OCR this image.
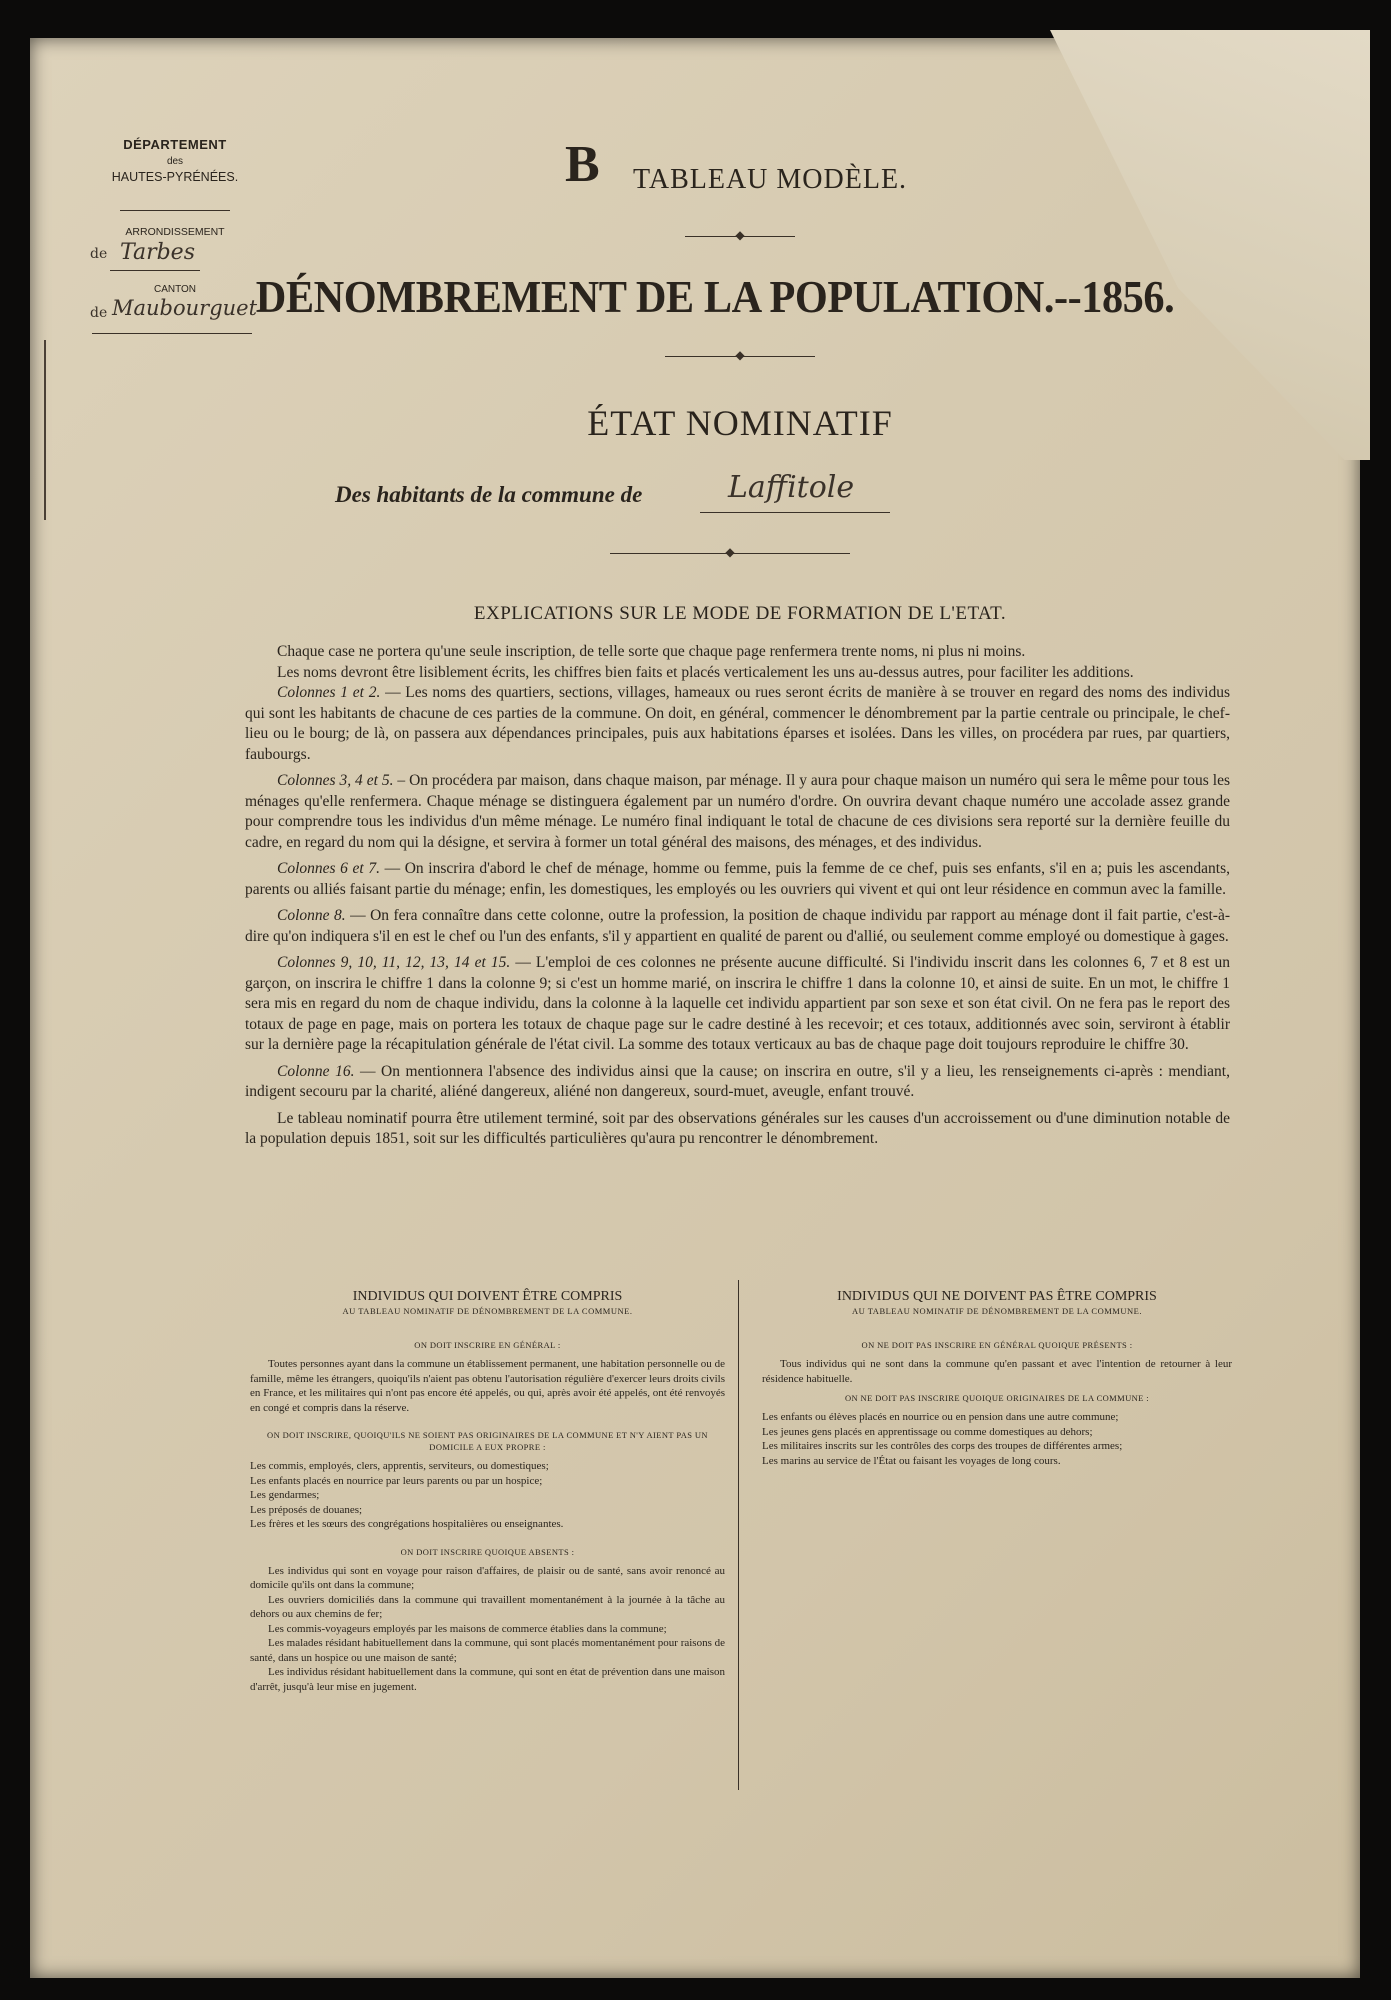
DÉPARTEMENT
des
HAUTES-PYRÉNÉES.
ARRONDISSEMENT
de Tarbes
CANTON
de Maubourguet
B TABLEAU MODÈLE.
◆
DÉNOMBREMENT DE LA POPULATION.--1856.
◆
ÉTAT NOMINATIF
Des habitants de la commune de	Laffitole
◆
EXPLICATIONS SUR LE MODE DE FORMATION DE L'ETAT.

Chaque case ne portera qu'une seule inscription, de telle sorte que chaque page renfermera trente noms, ni plus ni moins.

Les noms devront être lisiblement écrits, les chiffres bien faits et placés verticalement les uns au-dessus autres, pour faciliter les additions.

Colonnes 1 et 2. — Les noms des quartiers, sections, villages, hameaux ou rues seront écrits de manière à se trouver en regard des noms des individus qui sont les habitants de chacune de ces parties de la commune. On doit, en général, commencer le dénombrement par la partie centrale ou principale, le chef-lieu ou le bourg; de là, on passera aux dépendances principales, puis aux habitations éparses et isolées. Dans les villes, on procédera par rues, par quartiers, faubourgs.

Colonnes 3, 4 et 5. – On procédera par maison, dans chaque maison, par ménage. Il y aura pour chaque maison un numéro qui sera le même pour tous les ménages qu'elle renfermera. Chaque ménage se distinguera également par un numéro d'ordre. On ouvrira devant chaque numéro une accolade assez grande pour comprendre tous les individus d'un même ménage. Le numéro final indiquant le total de chacune de ces divisions sera reporté sur la dernière feuille du cadre, en regard du nom qui la désigne, et servira à former un total général des maisons, des ménages, et des individus.

Colonnes 6 et 7. — On inscrira d'abord le chef de ménage, homme ou femme, puis la femme de ce chef, puis ses enfants, s'il en a; puis les ascendants, parents ou alliés faisant partie du ménage; enfin, les domestiques, les employés ou les ouvriers qui vivent et qui ont leur résidence en commun avec la famille.

Colonne 8. — On fera connaître dans cette colonne, outre la profession, la position de chaque individu par rapport au ménage dont il fait partie, c'est-à-dire qu'on indiquera s'il en est le chef ou l'un des enfants, s'il y appartient en qualité de parent ou d'allié, ou seulement comme employé ou domestique à gages.

Colonnes 9, 10, 11, 12, 13, 14 et 15. — L'emploi de ces colonnes ne présente aucune difficulté. Si l'individu inscrit dans les colonnes 6, 7 et 8 est un garçon, on inscrira le chiffre 1 dans la colonne 9; si c'est un homme marié, on inscrira le chiffre 1 dans la colonne 10, et ainsi de suite. En un mot, le chiffre 1 sera mis en regard du nom de chaque individu, dans la colonne à la laquelle cet individu appartient par son sexe et son état civil. On ne fera pas le report des totaux de page en page, mais on portera les totaux de chaque page sur le cadre destiné à les recevoir; et ces totaux, additionnés avec soin, serviront à établir sur la dernière page la récapitulation générale de l'état civil. La somme des totaux verticaux au bas de chaque page doit toujours reproduire le chiffre 30.

Colonne 16. — On mentionnera l'absence des individus ainsi que la cause; on inscrira en outre, s'il y a lieu, les renseignements ci-après : mendiant, indigent secouru par la charité, aliéné dangereux, aliéné non dangereux, sourd-muet, aveugle, enfant trouvé.

Le tableau nominatif pourra être utilement terminé, soit par des observations générales sur les causes d'un accroissement ou d'une diminution notable de la population depuis 1851, soit sur les difficultés particulières qu'aura pu rencontrer le dénombrement.

INDIVIDUS QUI DOIVENT ÊTRE COMPRIS
AU TABLEAU NOMINATIF DE DÉNOMBREMENT DE LA COMMUNE.
ON DOIT INSCRIRE EN GÉNÉRAL :
Toutes personnes ayant dans la commune un établissement permanent, une habitation personnelle ou de famille, même les étrangers, quoiqu'ils n'aient pas obtenu l'autorisation régulière d'exercer leurs droits civils en France, et les militaires qui n'ont pas encore été appelés, ou qui, après avoir été appelés, ont été renvoyés en congé et compris dans la réserve.
ON DOIT INSCRIRE, QUOIQU'ILS NE SOIENT PAS ORIGINAIRES DE LA COMMUNE ET N'Y AIENT PAS UN DOMICILE A EUX PROPRE :
Les commis, employés, clers, apprentis, serviteurs, ou domestiques;
Les enfants placés en nourrice par leurs parents ou par un hospice;
Les gendarmes;
Les préposés de douanes;
Les frères et les sœurs des congrégations hospitalières ou enseignantes.
ON DOIT INSCRIRE QUOIQUE ABSENTS :
Les individus qui sont en voyage pour raison d'affaires, de plaisir ou de santé, sans avoir renoncé au domicile qu'ils ont dans la commune;
Les ouvriers domiciliés dans la commune qui travaillent momentanément à la journée à la tâche au dehors ou aux chemins de fer;
Les commis-voyageurs employés par les maisons de commerce établies dans la commune;
Les malades résidant habituellement dans la commune, qui sont placés momentanément pour raisons de santé, dans un hospice ou une maison de santé;
Les individus résidant habituellement dans la commune, qui sont en état de prévention dans une maison d'arrêt, jusqu'à leur mise en jugement.
INDIVIDUS QUI NE DOIVENT PAS ÊTRE COMPRIS
AU TABLEAU NOMINATIF DE DÉNOMBREMENT DE LA COMMUNE.
ON NE DOIT PAS INSCRIRE EN GÉNÉRAL QUOIQUE PRÉSENTS :
Tous individus qui ne sont dans la commune qu'en passant et avec l'intention de retourner à leur résidence habituelle.
ON NE DOIT PAS INSCRIRE QUOIQUE ORIGINAIRES DE LA COMMUNE :
Les enfants ou élèves placés en nourrice ou en pension dans une autre commune;
Les jeunes gens placés en apprentissage ou comme domestiques au dehors;
Les militaires inscrits sur les contrôles des corps des troupes de différentes armes;
Les marins au service de l'État ou faisant les voyages de long cours.
